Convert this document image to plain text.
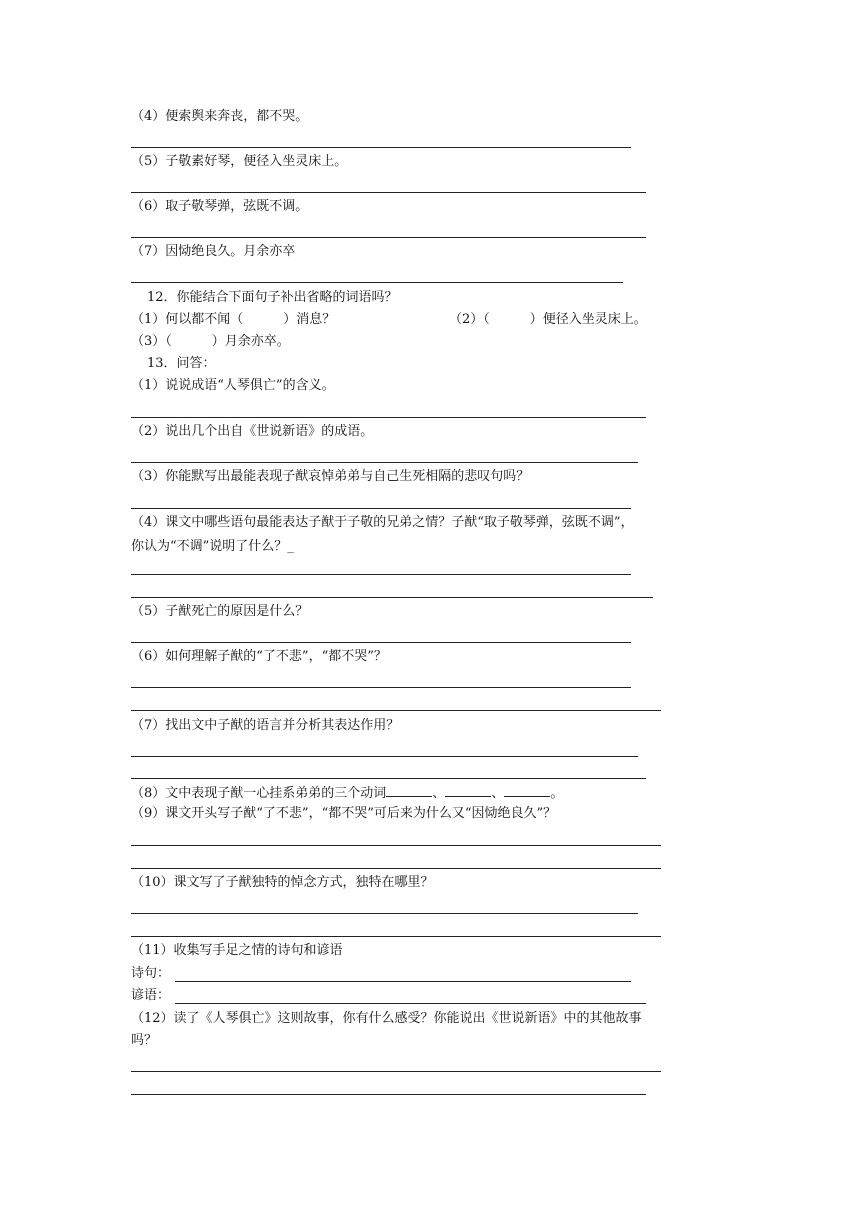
（4）便索舆来奔丧，都不哭。
（5）子敬素好琴，便径入坐灵床上。
（6）取子敬琴弹，弦既不调。
（7）因恸绝良久。月余亦卒
12．你能结合下面句子补出省略的词语吗？
（1）何以都不闻（	）消息？	（2）（	）便径入坐灵床上。
（3）（	）月余亦卒。
13．问答：
（1）说说成语“人琴俱亡”的含义。
（2）说出几个出自《世说新语》的成语。
（3）你能默写出最能表现子猷哀悼弟弟与自己生死相隔的悲叹句吗？
（4）课文中哪些语句最能表达子猷于子敬的兄弟之情？子猷“取子敬琴弹，弦既不调”，
你认为“不调”说明了什么？_
（5）子猷死亡的原因是什么？
（6）如何理解子猷的“了不悲”，“都不哭”？
（7）找出文中子猷的语言并分析其表达作用？
（8）文中表现子猷一心挂系弟弟的三个动词	、	、	。
（9）课文开头写子猷“了不悲”，“都不哭”可后来为什么又“因恸绝良久”？
（10）课文写了子猷独特的悼念方式，独特在哪里？
（11）收集写手足之情的诗句和谚语
诗句：
谚语：
（12）读了《人琴俱亡》这则故事，你有什么感受？你能说出《世说新语》中的其他故事
吗？
